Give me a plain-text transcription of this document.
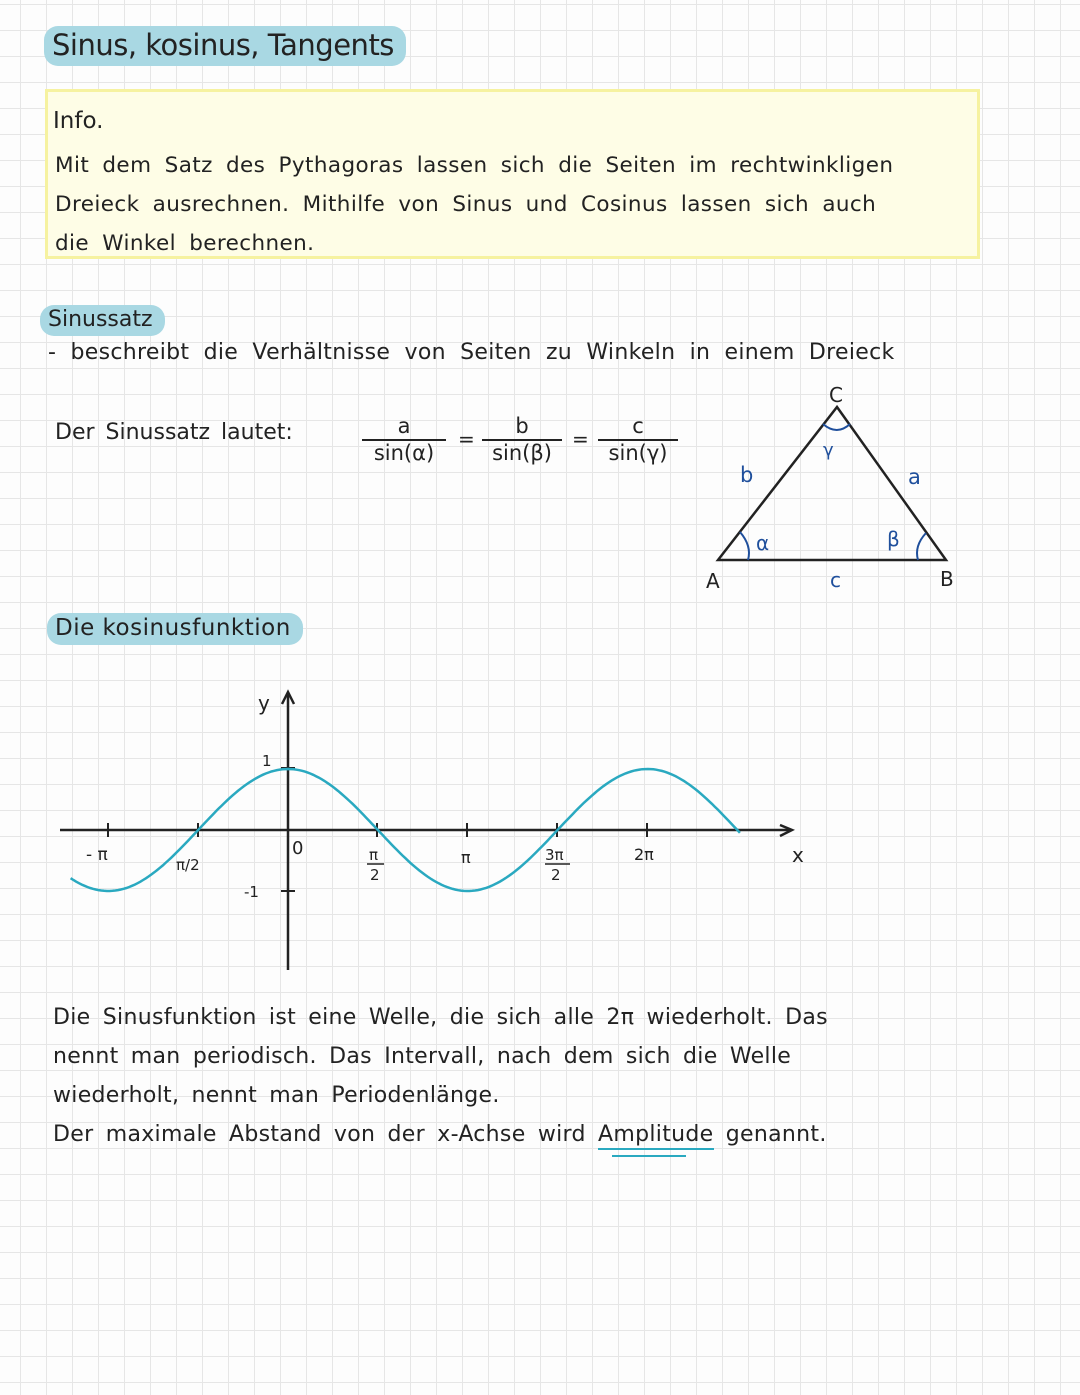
Sinus, kosinus, Tangents
Info.
Mit dem Satz des Pythagoras lassen sich die Seiten im rechtwinkligen
Dreieck ausrechnen. Mithilfe von Sinus und Cosinus lassen sich auch
die Winkel berechnen.
Sinussatz
- beschreibt die Verhältnisse von Seiten zu Winkeln in einem Dreieck
Der Sinussatz lautet:	$\frac{a}{\sin(\alpha)} = \frac{b}{\sin(\beta)} = \frac{c}{\sin(\gamma)}$
C
A	B
b	a
c
α	β
γ
Die kosinusfunktion
y
x
0
1
-1
- π	π/2
π
2
π	3π
2
2π
Die Sinusfunktion ist eine Welle, die sich alle 2π wiederholt. Das
nennt man periodisch. Das Intervall, nach dem sich die Welle
wiederholt, nennt man Periodenlänge.
Der maximale Abstand von der x-Achse wird Amplitude genannt.
